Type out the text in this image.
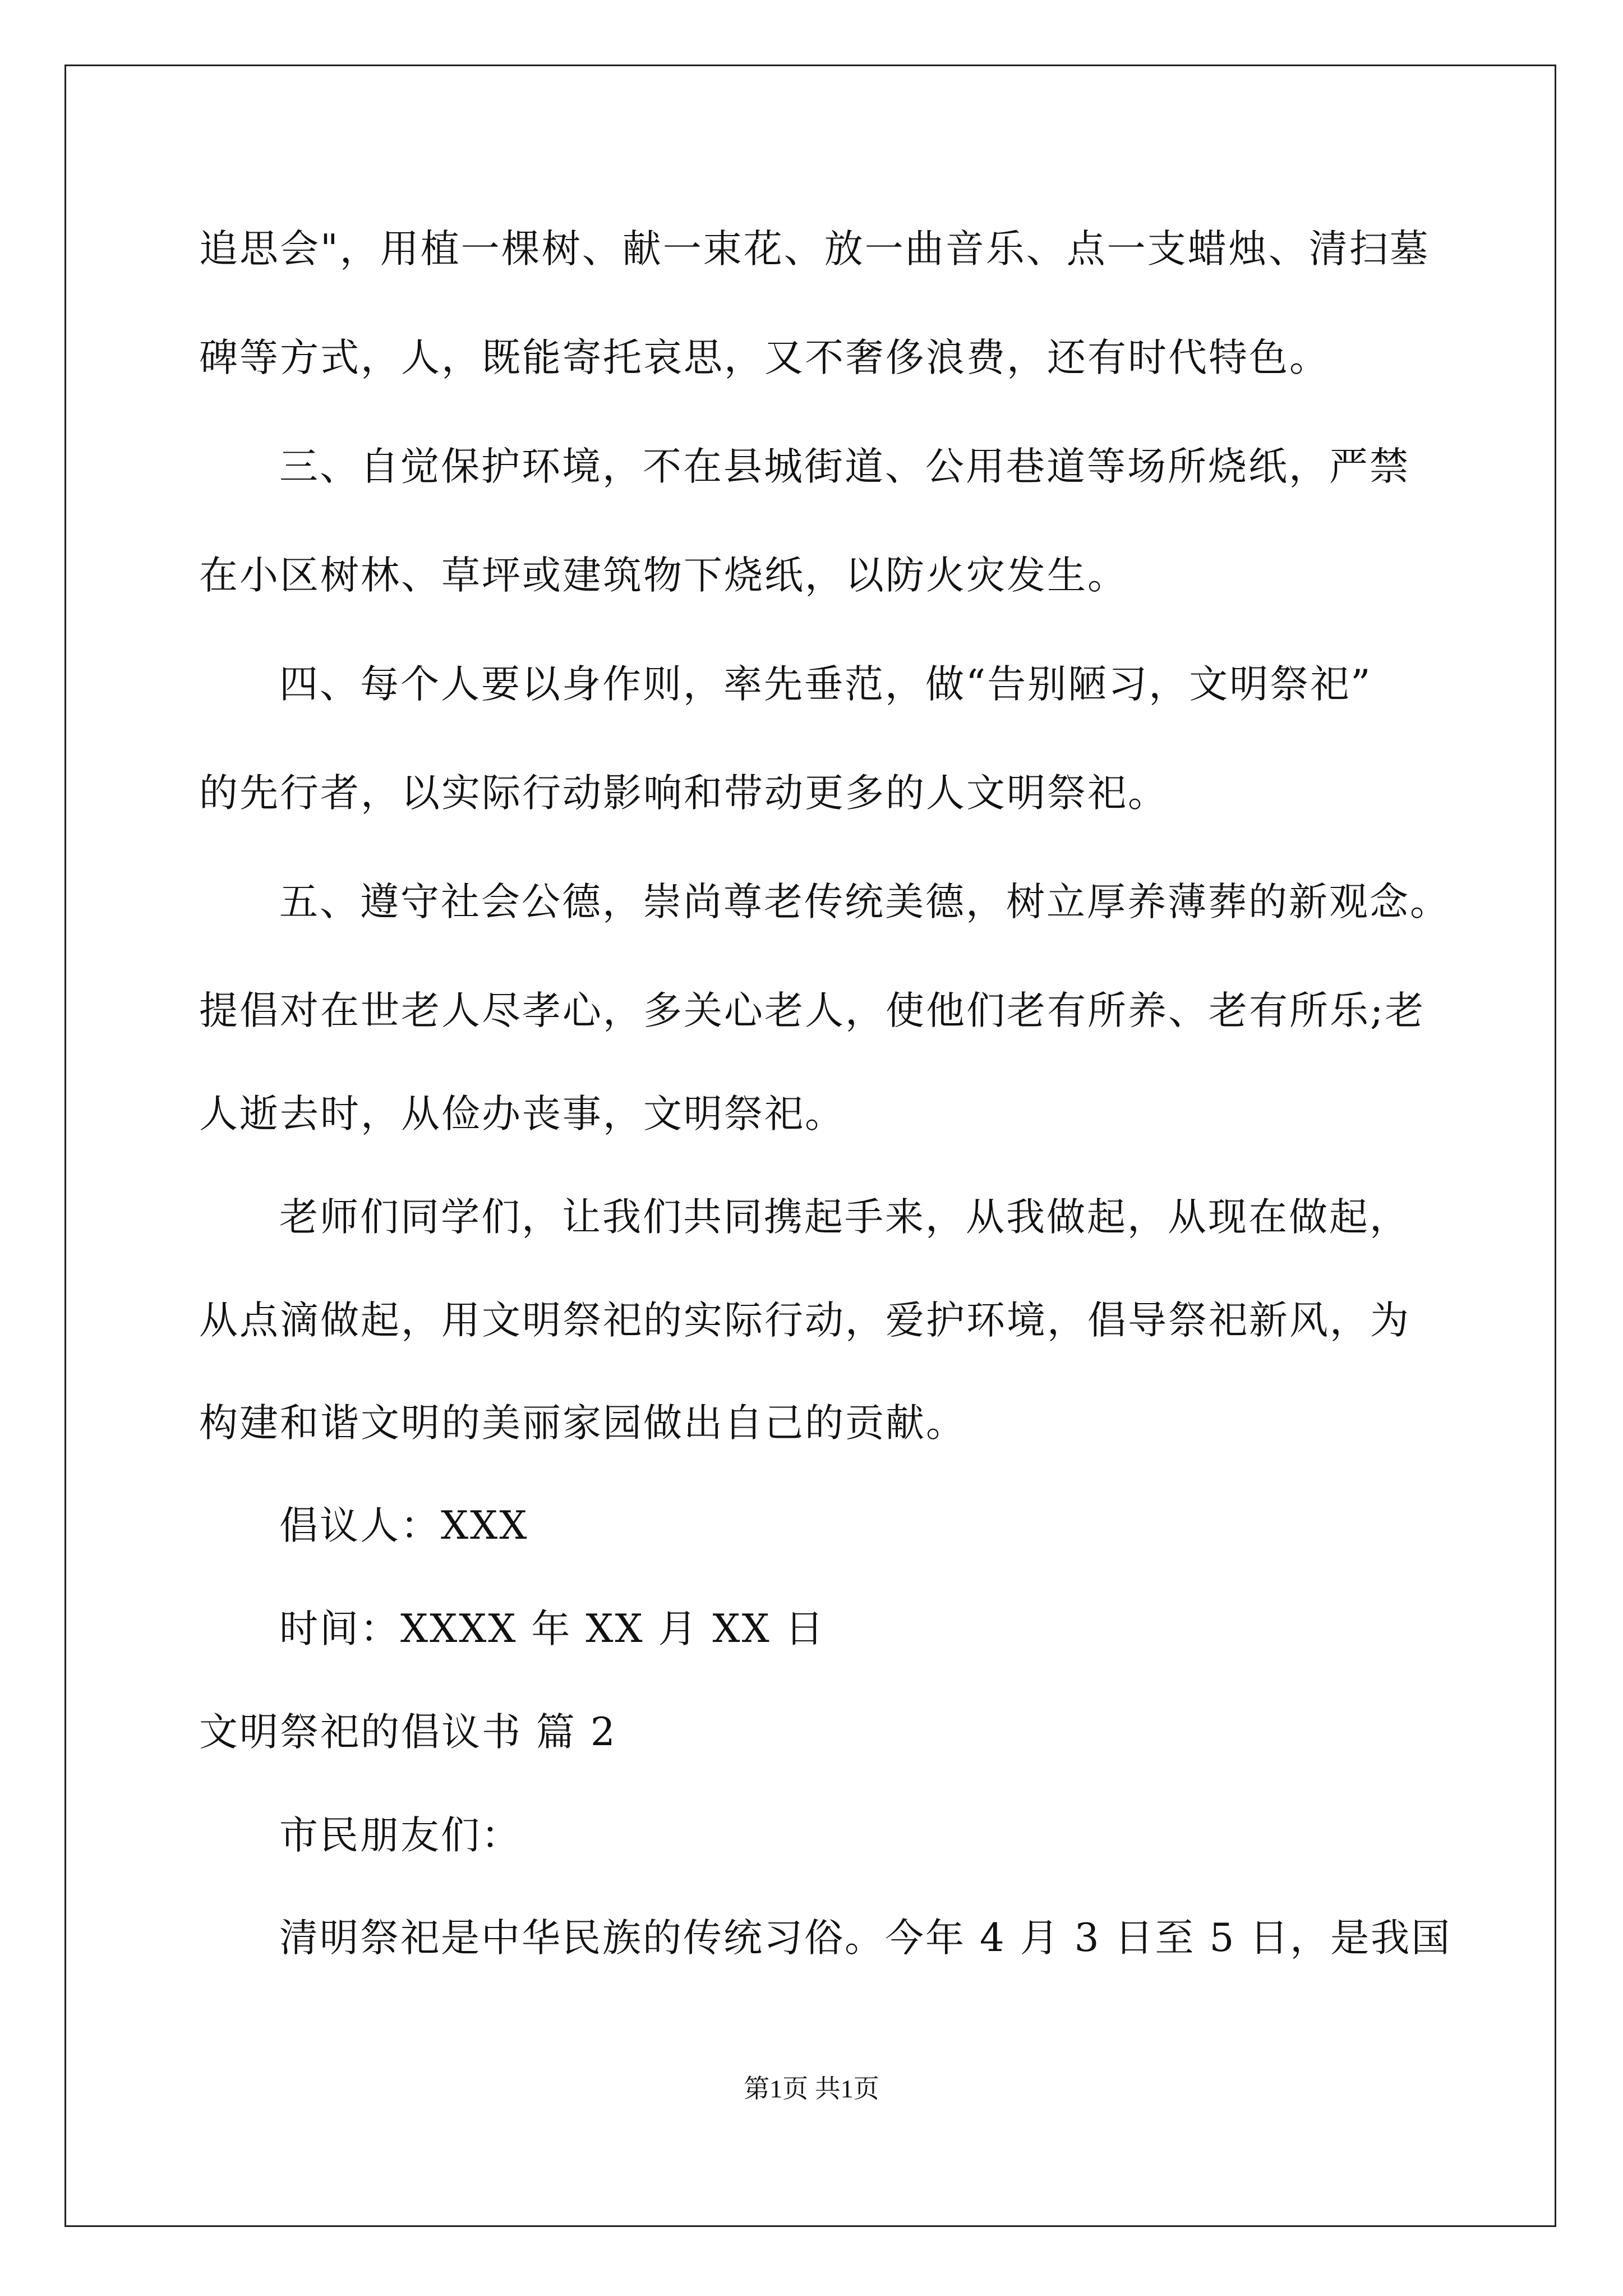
追思会"，用植一棵树、献一束花、放一曲音乐、点一支蜡烛、清扫墓
碑等方式，人，既能寄托哀思，又不奢侈浪费，还有时代特色。
三、自觉保护环境，不在县城街道、公用巷道等场所烧纸，严禁
在小区树林、草坪或建筑物下烧纸，以防火灾发生。
四、每个人要以身作则，率先垂范，做“告别陋习，文明祭祀”
的先行者，以实际行动影响和带动更多的人文明祭祀。
五、遵守社会公德，崇尚尊老传统美德，树立厚养薄葬的新观念。
提倡对在世老人尽孝心，多关心老人，使他们老有所养、老有所乐;老
人逝去时，从俭办丧事，文明祭祀。
老师们同学们，让我们共同携起手来，从我做起，从现在做起，
从点滴做起，用文明祭祀的实际行动，爱护环境，倡导祭祀新风，为
构建和谐文明的美丽家园做出自己的贡献。
倡议人：XXX
时间：XXXX 年 XX 月 XX 日
文明祭祀的倡议书 篇 2
市民朋友们：
清明祭祀是中华民族的传统习俗。今年 4 月 3 日至 5 日，是我国
第1页 共1页
